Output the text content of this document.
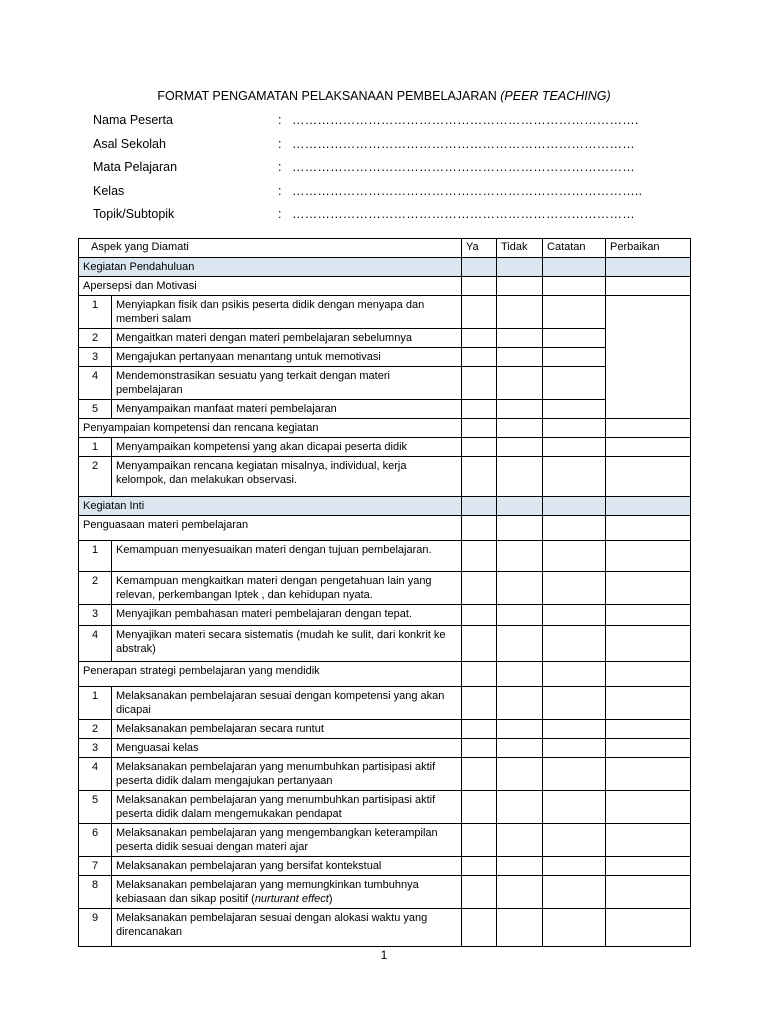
FORMAT PENGAMATAN PELAKSANAAN PEMBELAJARAN (PEER TEACHING)
Nama Peserta	: ……………………………………………………………………….
Asal Sekolah	: ………………………………………………………………………
Mata Pelajaran	: ………………………………………………………………………
Kelas	: ………………………………………………………………………..
Topik/Subtopik	: ………………………………………………………………………
Aspek yang Diamati		Ya	Tidak	Catatan	Perbaikan
Kegiatan Pendahuluan					
Apersepsi dan Motivasi					
1	Menyiapkan fisik dan psikis peserta didik dengan menyapa dan memberi salam				
2	Mengaitkan materi dengan materi pembelajaran sebelumnya				
3	Mengajukan pertanyaan menantang untuk memotivasi				
4	Mendemonstrasikan sesuatu yang terkait dengan materi pembelajaran				
5	Menyampaikan manfaat materi pembelajaran				
Penyampaian kompetensi dan rencana kegiatan					
1	Menyampaikan kompetensi yang akan dicapai peserta didik				
2	Menyampaikan rencana kegiatan misalnya, individual, kerja kelompok, dan melakukan observasi.				
Kegiatan Inti					
Penguasaan materi pembelajaran					
1	Kemampuan menyesuaikan materi dengan tujuan pembelajaran.				
2	Kemampuan mengkaitkan materi dengan pengetahuan lain yang relevan, perkembangan Iptek , dan kehidupan nyata.				
3	Menyajikan pembahasan materi pembelajaran dengan tepat.				
4	Menyajikan materi secara sistematis (mudah ke sulit, dari konkrit ke abstrak)				
Penerapan strategi pembelajaran yang mendidik					
1	Melaksanakan pembelajaran sesuai dengan kompetensi yang akan dicapai				
2	Melaksanakan pembelajaran secara runtut				
3	Menguasai kelas				
4	Melaksanakan pembelajaran yang menumbuhkan partisipasi aktif peserta didik dalam mengajukan pertanyaan				
5	Melaksanakan pembelajaran yang menumbuhkan partisipasi aktif peserta didik dalam mengemukakan pendapat				
6	Melaksanakan pembelajaran yang mengembangkan keterampilan peserta didik sesuai dengan materi ajar				
7	Melaksanakan pembelajaran yang bersifat kontekstual				
8	Melaksanakan pembelajaran yang memungkinkan tumbuhnya kebiasaan dan sikap positif (nurturant effect)				
9	Melaksanakan pembelajaran sesuai dengan alokasi waktu yang direncanakan				
1
